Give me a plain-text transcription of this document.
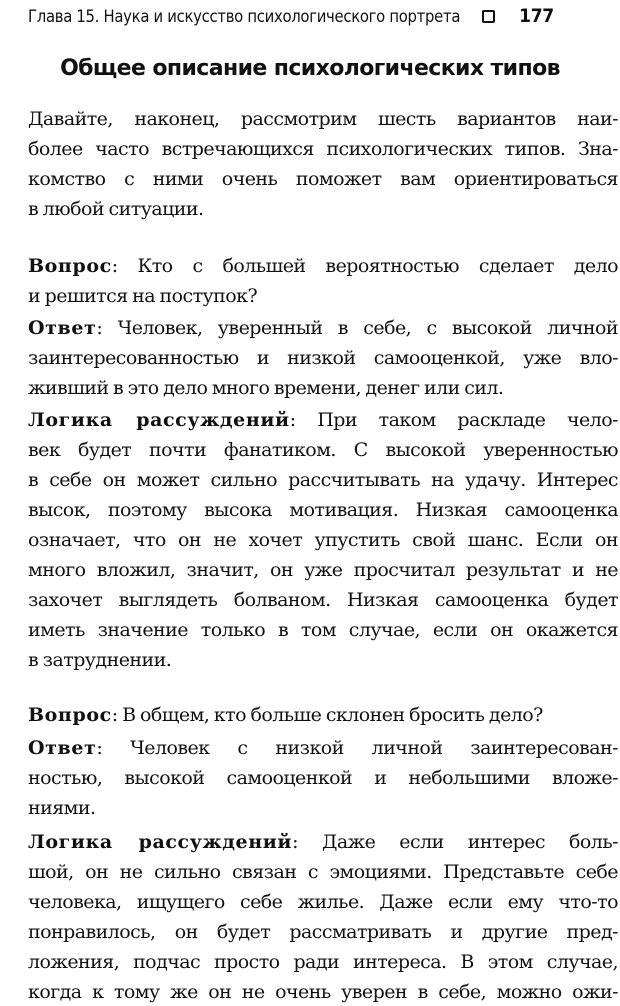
Глава 15. Наука и искусство психологического портрета	177
Общее описание психологических типов
Давайте, наконец, рассмотрим шесть вариантов наи-
более часто встречающихся психологических типов. Зна-
комство с ними очень поможет вам ориентироваться
в любой ситуации.
Вопрос: Кто с большей вероятностью сделает дело
и решится на поступок?
Ответ: Человек, уверенный в себе, с высокой личной
заинтересованностью и низкой самооценкой, уже вло-
живший в это дело много времени, денег или сил.
Логика рассуждений: При таком раскладе чело-
век будет почти фанатиком. С высокой уверенностью
в себе он может сильно рассчитывать на удачу. Интерес
высок, поэтому высока мотивация. Низкая самооценка
означает, что он не хочет упустить свой шанс. Если он
много вложил, значит, он уже просчитал результат и не
захочет выглядеть болваном. Низкая самооценка будет
иметь значение только в том случае, если он окажется
в затруднении.
Вопрос: В общем, кто больше склонен бросить дело?
Ответ: Человек с низкой личной заинтересован-
ностью, высокой самооценкой и небольшими вложе-
ниями.
Логика рассуждений: Даже если интерес боль-
шой, он не сильно связан с эмоциями. Представьте себе
человека, ищущего себе жилье. Даже если ему что-то
понравилось, он будет рассматривать и другие пред-
ложения, подчас просто ради интереса. В этом случае,
когда к тому же он не очень уверен в себе, можно ожи-
